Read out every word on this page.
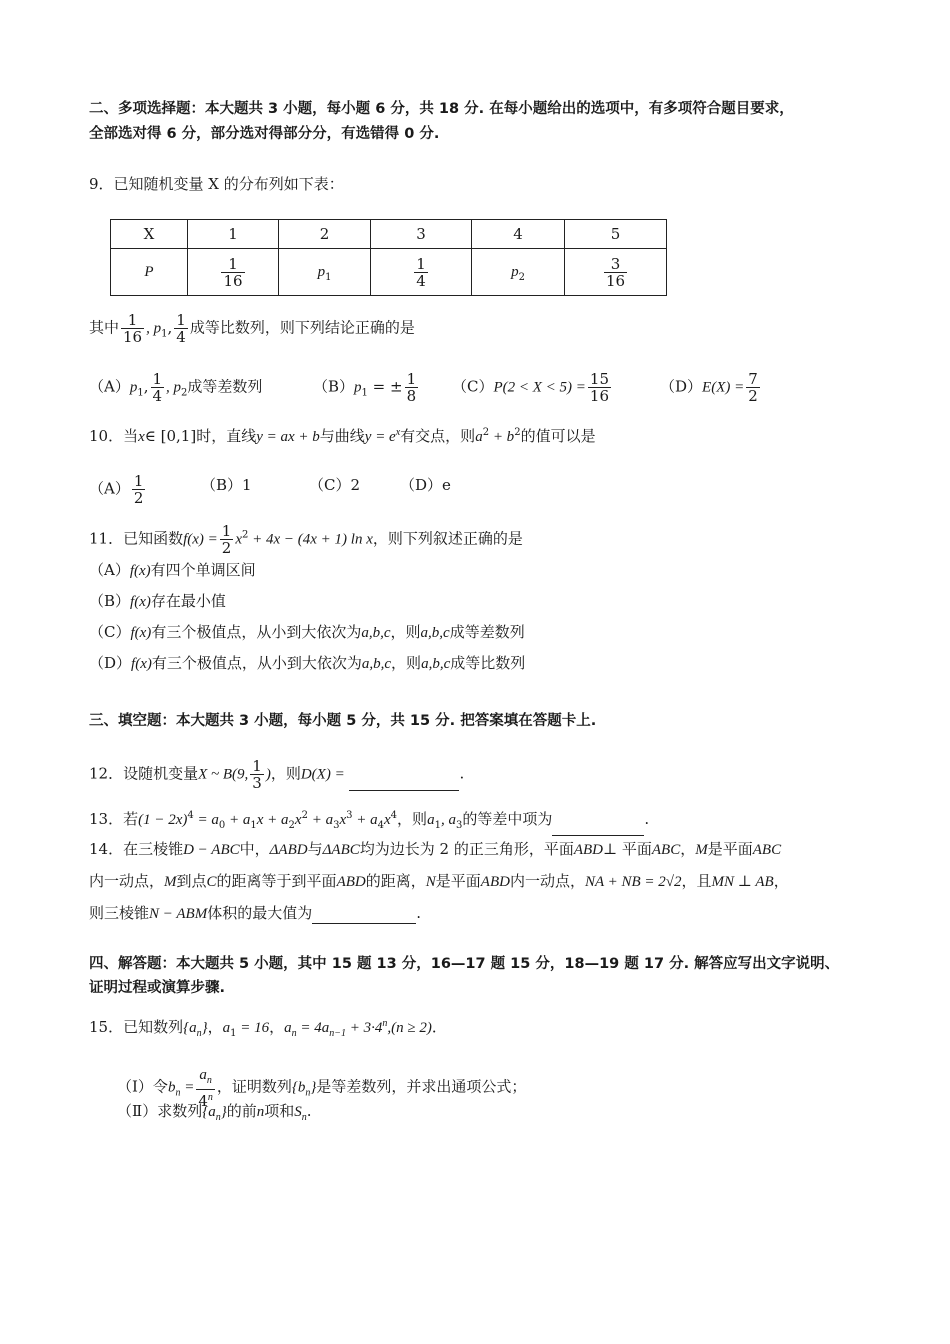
二、多项选择题：本大题共 3 小题，每小题 6 分，共 18 分. 在每小题给出的选项中，有多项符合题目要求，
全部选对得 6 分，部分选对得部分分，有选错得 0 分.
9．已知随机变量 X 的分布列如下表：
X	1	2	3	4	5
P	$\frac{1}{16}$	$p_1$	$\frac{1}{4}$	$p_2$	$\frac{3}{16}$
其中 $\frac{1}{16}$ , $p_1$, $\frac{1}{4}$ 成等比数列，则下列结论正确的是
$(A)p_1$, $\frac{1}{4}$ , $p_2$成等差数列	$(B)p_1$ = ± $\frac{1}{8} (C)P(2 < X < 5) = \frac{15}{16}$	$(D)E(X) = \frac{7}{2}$
10．当x∈ [0,1]时，直线y = ax + b与曲线$y = e^x$有交点，则$a^2 + b^2$的值可以是
$(A) \frac{1}{2}$	（B）1	（C）2	（D）e
11．已知函数$f(x) = \frac{1}{2} x^2 + 4x - (4x + 1)$ ln x，则下列叙述正确的是
（A）f(x)有四个单调区间
（B）f(x)存在最小值
（C）f(x)有三个极值点，从小到大依次为a,b,c，则a,b,c成等差数列
（D）f(x)有三个极值点，从小到大依次为a,b,c，则a,b,c成等比数列
三、填空题：本大题共 3 小题，每小题 5 分，共 15 分. 把答案填在答题卡上.
12．设随机变量X ~ B(9, $\frac{1}{3}$ )，则D(X) =	.
13．若$(1 - 2x)^4 = a_0 + a_1x + a_2x^2 + a_3x^3 + a_4x^4$，则$a_1$, $a_3$的等差中项为	.
14．在三棱锥D − ABC中，ΔABD与ΔABC均为边长为 2 的正三角形，平面ABD⊥ 平面ABC，M是平面ABC
内一动点，M到点C的距离等于到平面ABD的距离，N是平面ABD内一动点，NA + NB = 2√2，且MN ⊥ AB，
则三棱锥N − ABM体积的最大值为	.
四、解答题：本大题共 5 小题，其中 15 题 13 分，16—17 题 15 分，18—19 题 17 分. 解答应写出文字说明、
证明过程或演算步骤.
15．已知数列$\{a_n\}$，$a_1 = 16$，$a_n = 4a_{n-1} + 3\cdot 4^n,(n \ge 2)$．
（Ⅰ）令$b_n = \frac{a_n}{4^n}$ ，证明数列$\{b_n\}$是等差数列，并求出通项公式；
（Ⅱ）求数列$\{a_n\}$的前n项和$S_n$.
